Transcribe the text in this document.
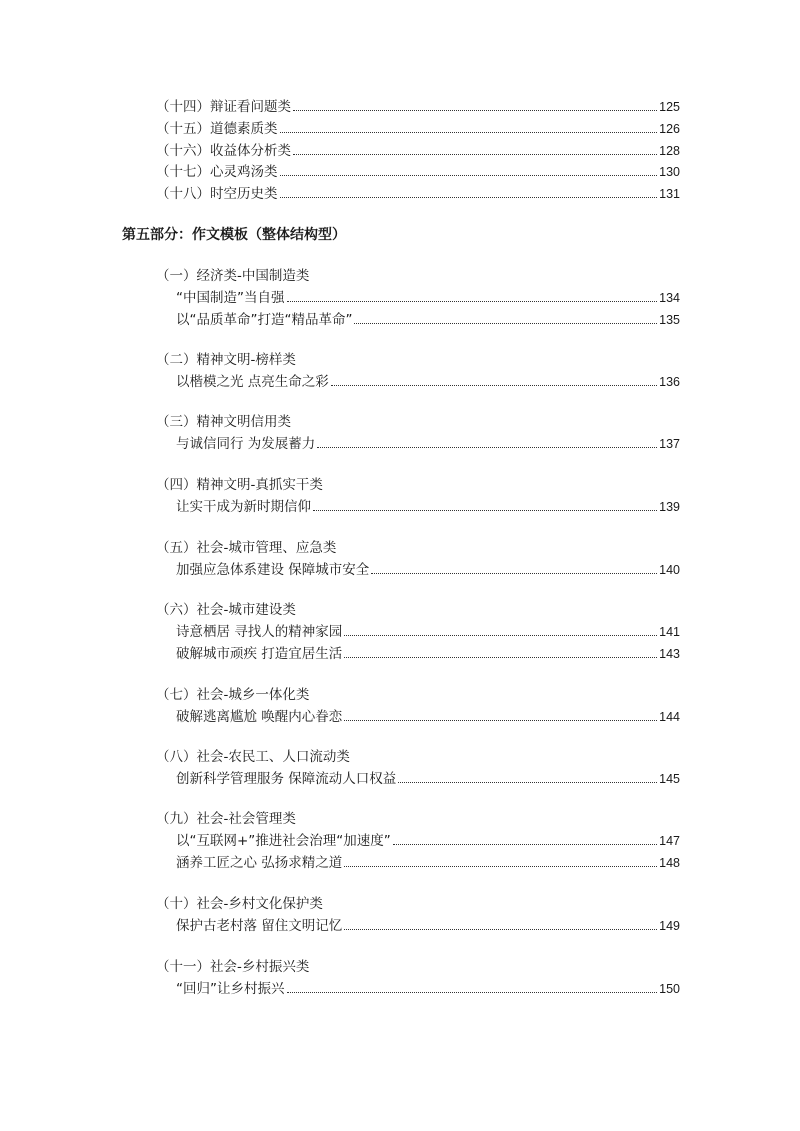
（十四）辩证看问题类	125
（十五）道德素质类	126
（十六）收益体分析类	128
（十七）心灵鸡汤类	130
（十八）时空历史类	131
第五部分：作文模板（整体结构型）
（一）经济类-中国制造类
“中国制造”当自强	134
以“品质革命”打造“精品革命”	135
（二）精神文明-榜样类
以楷模之光 点亮生命之彩	136
（三）精神文明信用类
与诚信同行 为发展蓄力	137
（四）精神文明-真抓实干类
让实干成为新时期信仰	139
（五）社会-城市管理、应急类
加强应急体系建设 保障城市安全	140
（六）社会-城市建设类
诗意栖居 寻找人的精神家园	141
破解城市顽疾 打造宜居生活	143
（七）社会-城乡一体化类
破解逃离尴尬 唤醒内心眷恋	144
（八）社会-农民工、人口流动类
创新科学管理服务 保障流动人口权益	145
（九）社会-社会管理类
以“互联网+”推进社会治理“加速度”	147
涵养工匠之心 弘扬求精之道	148
（十）社会-乡村文化保护类
保护古老村落 留住文明记忆	149
（十一）社会-乡村振兴类
“回归”让乡村振兴	150
